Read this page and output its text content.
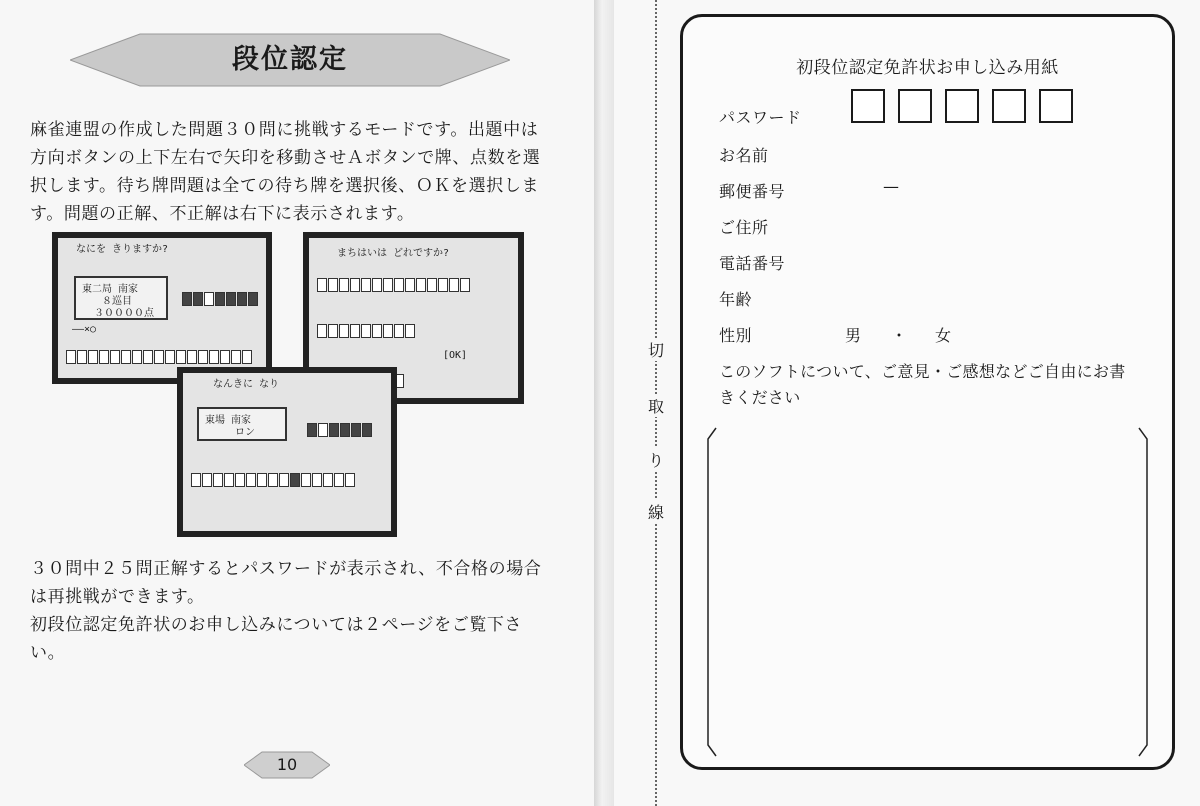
段位認定
麻雀連盟の作成した問題３０問に挑戦するモードです。出題中は方向ボタンの上下左右で矢印を移動させＡボタンで牌、点数を選択します。待ち牌問題は全ての待ち牌を選択後、ＯＫを選択します。問題の正解、不正解は右下に表示されます。
なにを きりますか?
東二局 南家
８巡目
３００００点
——×○
まちはいは どれですか?
[OK]
なんきに なり
東場 南家
ロン
３０問中２５問正解するとパスワードが表示され、不合格の場合は再挑戦ができます。
初段位認定免許状のお申し込みについては２ページをご覧下さい。
10
切
取
り
線
初段位認定免許状お申し込み用紙
パスワード
お名前
郵便番号	—
ご住所
電話番号
年齢
性別	男 ・ 女
このソフトについて、ご意見・ご感想などご自由にお書きください
